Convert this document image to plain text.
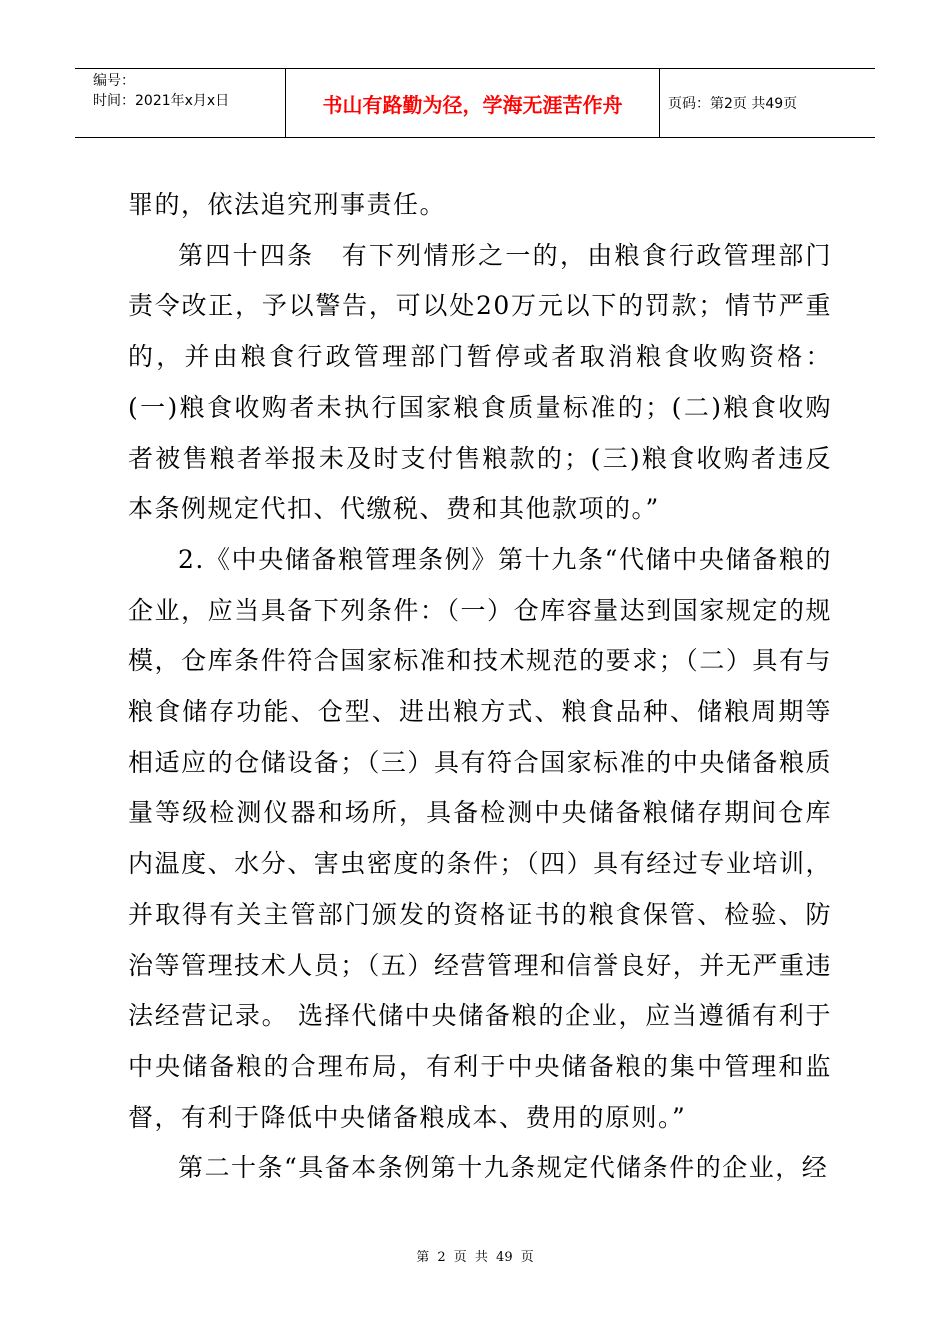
编号：
时间：2021年x月x日	书山有路勤为径，学海无涯苦作舟	页码：第2页 共49页

罪的，依法追究刑事责任。

第四十四条　有下列情形之一的，由粮食行政管理部门责令改正，予以警告，可以处20万元以下的罚款；情节严重的，并由粮食行政管理部门暂停或者取消粮食收购资格：(一)粮食收购者未执行国家粮食质量标准的；(二)粮食收购者被售粮者举报未及时支付售粮款的；(三)粮食收购者违反本条例规定代扣、代缴税、费和其他款项的。”

2.《中央储备粮管理条例》第十九条“代储中央储备粮的企业，应当具备下列条件：（一）仓库容量达到国家规定的规模，仓库条件符合国家标准和技术规范的要求；（二）具有与粮食储存功能、仓型、进出粮方式、粮食品种、储粮周期等相适应的仓储设备；（三）具有符合国家标准的中央储备粮质量等级检测仪器和场所，具备检测中央储备粮储存期间仓库内温度、水分、害虫密度的条件；（四）具有经过专业培训，并取得有关主管部门颁发的资格证书的粮食保管、检验、防治等管理技术人员；（五）经营管理和信誉良好，并无严重违法经营记录。 选择代储中央储备粮的企业，应当遵循有利于中央储备粮的合理布局，有利于中央储备粮的集中管理和监督，有利于降低中央储备粮成本、费用的原则。”

第二十条“具备本条例第十九条规定代储条件的企业，经

第 2 页 共 49 页
